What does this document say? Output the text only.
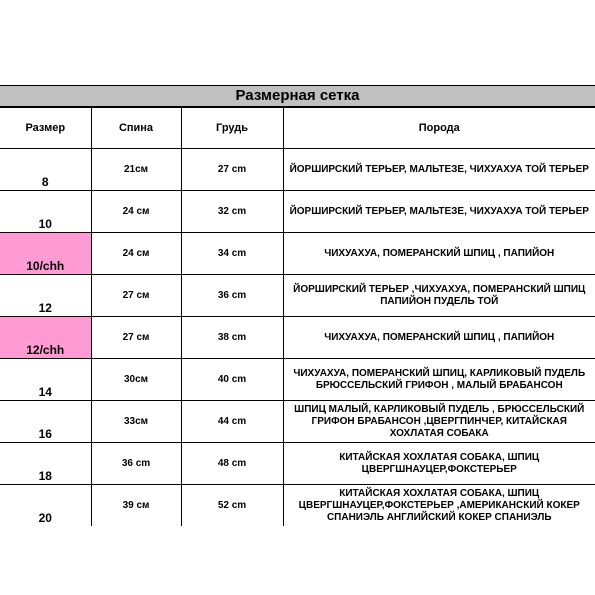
Размерная сетка
Размер	Спина	Грудь	Порода
8	21см	27 cm	ЙОРШИРСКИЙ ТЕРЬЕР, МАЛЬТЕЗЕ, ЧИХУАХУА ТОЙ ТЕРЬЕР
10	24 см	32 cm	ЙОРШИРСКИЙ ТЕРЬЕР, МАЛЬТЕЗЕ, ЧИХУАХУА ТОЙ ТЕРЬЕР
10/chh	24 см	34 cm	ЧИХУАХУА, ПОМЕРАНСКИЙ ШПИЦ , ПАПИЙОН
12	27 см	36 cm	ЙОРШИРСКИЙ ТЕРЬЕР ,ЧИХУАХУА, ПОМЕРАНСКИЙ ШПИЦ ПАПИЙОН ПУДЕЛЬ ТОЙ
12/chh	27 см	38 cm	ЧИХУАХУА, ПОМЕРАНСКИЙ ШПИЦ , ПАПИЙОН
14	30cм	40 cm	ЧИХУАХУА, ПОМЕРАНСКИЙ ШПИЦ, КАРЛИКОВЫЙ ПУДЕЛЬ БРЮССЕЛЬСКИЙ ГРИФОН , МАЛЫЙ БРАБАНСОН
16	33cм	44 cm	ШПИЦ МАЛЫЙ, КАРЛИКОВЫЙ ПУДЕЛЬ , БРЮССЕЛЬСКИЙ ГРИФОН БРАБАНСОН ,ЦВЕРГПИНЧЕР, КИТАЙСКАЯ ХОХЛАТАЯ СОБАКА
18	36 cm	48 cm	КИТАЙСКАЯ ХОХЛАТАЯ СОБАКА, ШПИЦ ЦВЕРГШНАУЦЕР,ФОКСТЕРЬЕР
20	39 cм	52 cm	КИТАЙСКАЯ ХОХЛАТАЯ СОБАКА, ШПИЦ ЦВЕРГШНАУЦЕР,ФОКСТЕРЬЕР ,АМЕРИКАНСКИЙ КОКЕР СПАНИЭЛЬ АНГЛИЙСКИЙ КОКЕР СПАНИЭЛЬ
